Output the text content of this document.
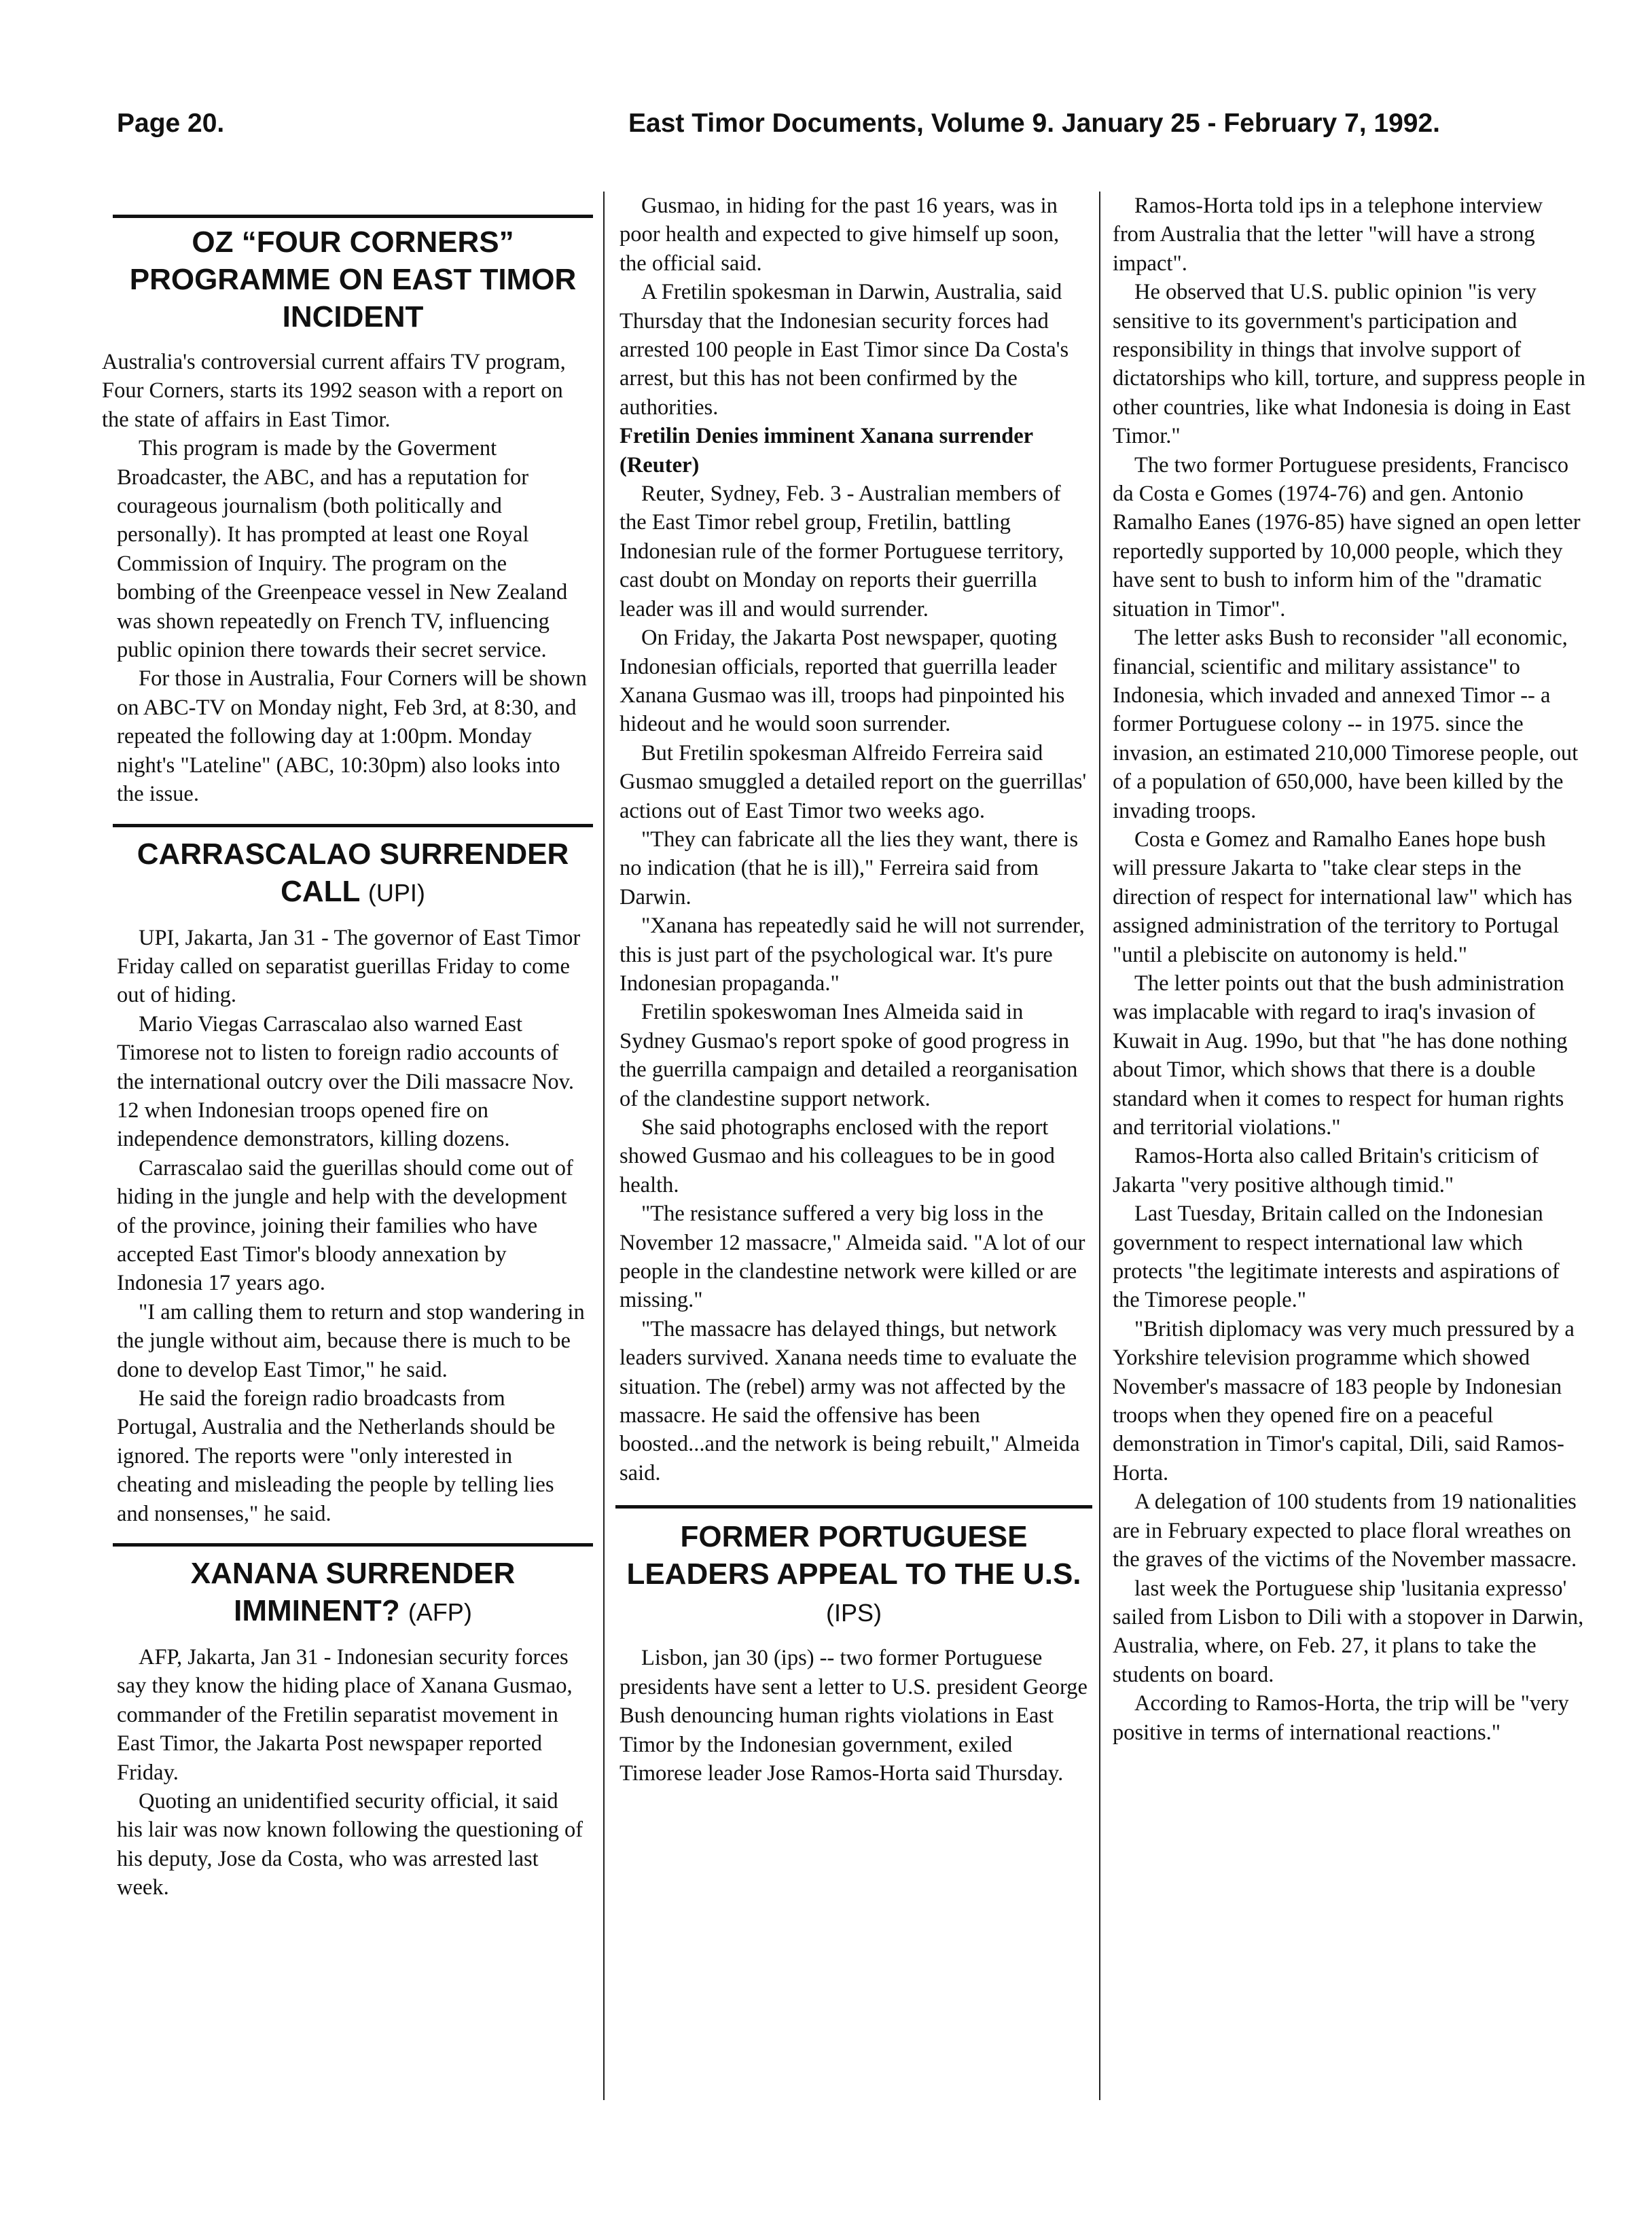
Page 20.	East Timor Documents, Volume 9. January 25 - February 7, 1992.
OZ “FOUR CORNERS” PROGRAMME ON EAST TIMOR INCIDENT

Australia's controversial current affairs TV program, Four Corners, starts its 1992 season with a report on the state of affairs in East Timor.

This program is made by the Goverment Broadcaster, the ABC, and has a reputation for courageous journalism (both politically and personally). It has prompted at least one Royal Commission of Inquiry. The program on the bombing of the Greenpeace vessel in New Zealand was shown repeatedly on French TV, influencing public opinion there towards their secret service.

For those in Australia, Four Corners will be shown on ABC-TV on Monday night, Feb 3rd, at 8:30, and repeated the following day at 1:00pm. Monday night's "Lateline" (ABC, 10:30pm) also looks into the issue.

CARRASCALAO SURRENDER CALL (UPI)

UPI, Jakarta, Jan 31 - The governor of East Timor Friday called on separatist guerillas Friday to come out of hiding.

Mario Viegas Carrascalao also warned East Timorese not to listen to foreign radio accounts of the international outcry over the Dili massacre Nov. 12 when Indonesian troops opened fire on independence demonstrators, killing dozens.

Carrascalao said the guerillas should come out of hiding in the jungle and help with the development of the province, joining their families who have accepted East Timor's bloody annexation by Indonesia 17 years ago.

"I am calling them to return and stop wandering in the jungle without aim, because there is much to be done to develop East Timor," he said.

He said the foreign radio broadcasts from Portugal, Australia and the Netherlands should be ignored. The reports were "only interested in cheating and misleading the people by telling lies and nonsenses," he said.

XANANA SURRENDER IMMINENT? (AFP)

AFP, Jakarta, Jan 31 - Indonesian security forces say they know the hiding place of Xanana Gusmao, commander of the Fretilin separatist movement in East Timor, the Jakarta Post newspaper reported Friday.

Quoting an unidentified security official, it said his lair was now known following the questioning of his deputy, Jose da Costa, who was arrested last week.

Gusmao, in hiding for the past 16 years, was in poor health and expected to give himself up soon, the official said.

A Fretilin spokesman in Darwin, Australia, said Thursday that the Indonesian security forces had arrested 100 people in East Timor since Da Costa's arrest, but this has not been confirmed by the authorities.

Fretilin Denies imminent Xanana surrender (Reuter)

Reuter, Sydney, Feb. 3 - Australian members of the East Timor rebel group, Fretilin, battling Indonesian rule of the former Portuguese territory, cast doubt on Monday on reports their guerrilla leader was ill and would surrender.

On Friday, the Jakarta Post newspaper, quoting Indonesian officials, reported that guerrilla leader Xanana Gusmao was ill, troops had pinpointed his hideout and he would soon surrender.

But Fretilin spokesman Alfreido Ferreira said Gusmao smuggled a detailed report on the guerrillas' actions out of East Timor two weeks ago.

"They can fabricate all the lies they want, there is no indication (that he is ill)," Ferreira said from Darwin.

"Xanana has repeatedly said he will not surrender, this is just part of the psychological war. It's pure Indonesian propaganda."

Fretilin spokeswoman Ines Almeida said in Sydney Gusmao's report spoke of good progress in the guerrilla campaign and detailed a reorganisation of the clandestine support network.

She said photographs enclosed with the report showed Gusmao and his colleagues to be in good health.

"The resistance suffered a very big loss in the November 12 massacre," Almeida said. "A lot of our people in the clandestine network were killed or are missing."

"The massacre has delayed things, but network leaders survived. Xanana needs time to evaluate the situation. The (rebel) army was not affected by the massacre. He said the offensive has been boosted...and the network is being rebuilt," Almeida said.

FORMER PORTUGUESE LEADERS APPEAL TO THE U.S. (IPS)

Lisbon, jan 30 (ips) -- two former Portuguese presidents have sent a letter to U.S. president George Bush denouncing human rights violations in East Timor by the Indonesian government, exiled Timorese leader Jose Ramos-Horta said Thursday.

Ramos-Horta told ips in a telephone interview from Australia that the letter "will have a strong impact".

He observed that U.S. public opinion "is very sensitive to its government's participation and responsibility in things that involve support of dictatorships who kill, torture, and suppress people in other countries, like what Indonesia is doing in East Timor."

The two former Portuguese presidents, Francisco da Costa e Gomes (1974-76) and gen. Antonio Ramalho Eanes (1976-85) have signed an open letter reportedly supported by 10,000 people, which they have sent to bush to inform him of the "dramatic situation in Timor".

The letter asks Bush to reconsider "all economic, financial, scientific and military assistance" to Indonesia, which invaded and annexed Timor -- a former Portuguese colony -- in 1975. since the invasion, an estimated 210,000 Timorese people, out of a population of 650,000, have been killed by the invading troops.

Costa e Gomez and Ramalho Eanes hope bush will pressure Jakarta to "take clear steps in the direction of respect for international law" which has assigned administration of the territory to Portugal "until a plebiscite on autonomy is held."

The letter points out that the bush administration was implacable with regard to iraq's invasion of Kuwait in Aug. 199o, but that "he has done nothing about Timor, which shows that there is a double standard when it comes to respect for human rights and territorial violations."

Ramos-Horta also called Britain's criticism of Jakarta "very positive although timid."

Last Tuesday, Britain called on the Indonesian government to respect international law which protects "the legitimate interests and aspirations of the Timorese people."

"British diplomacy was very much pressured by a Yorkshire television programme which showed November's massacre of 183 people by Indonesian troops when they opened fire on a peaceful demonstration in Timor's capital, Dili, said Ramos-Horta.

A delegation of 100 students from 19 nationalities are in February expected to place floral wreathes on the graves of the victims of the November massacre.

last week the Portuguese ship 'lusitania expresso' sailed from Lisbon to Dili with a stopover in Darwin, Australia, where, on Feb. 27, it plans to take the students on board.

According to Ramos-Horta, the trip will be "very positive in terms of international reactions."
